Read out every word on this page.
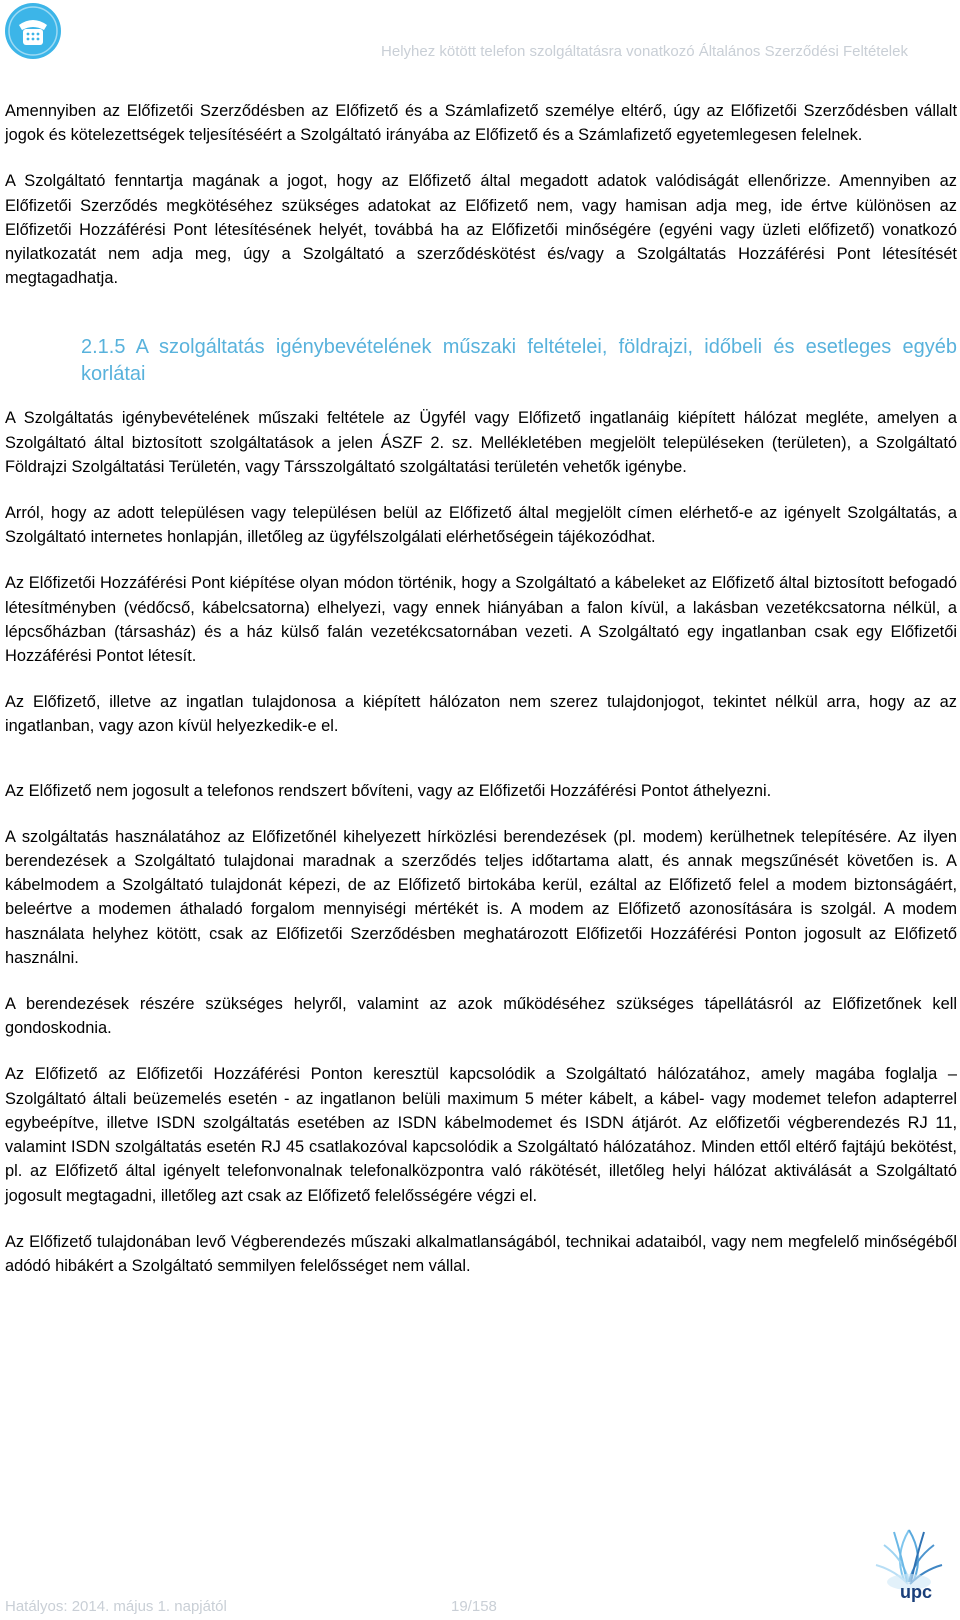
Helyhez kötött telefon szolgáltatásra vonatkozó Általános Szerződési Feltételek

Amennyiben az Előfizetői Szerződésben az Előfizető és a Számlafizető személye eltérő, úgy az Előfizetői Szerződésben vállalt jogok és kötelezettségek teljesítéséért a Szolgáltató irányába az Előfizető és a Számlafizető egyetemlegesen felelnek.

A Szolgáltató fenntartja magának a jogot, hogy az Előfizető által megadott adatok valódiságát ellenőrizze. Amennyiben az Előfizetői Szerződés megkötéséhez szükséges adatokat az Előfizető nem, vagy hamisan adja meg, ide értve különösen az Előfizetői Hozzáférési Pont létesítésének helyét, továbbá ha az Előfizetői minőségére (egyéni vagy üzleti előfizető) vonatkozó nyilatkozatát nem adja meg, úgy a Szolgáltató a szerződéskötést és/vagy a Szolgáltatás Hozzáférési Pont létesítését megtagadhatja.

2.1.5 A szolgáltatás igénybevételének műszaki feltételei, földrajzi, időbeli és esetleges egyéb korlátai

A Szolgáltatás igénybevételének műszaki feltétele az Ügyfél vagy Előfizető ingatlanáig kiépített hálózat megléte, amelyen a Szolgáltató által biztosított szolgáltatások a jelen ÁSZF 2. sz. Mellékletében megjelölt településeken (területen), a Szolgáltató Földrajzi Szolgáltatási Területén, vagy Társszolgáltató szolgáltatási területén vehetők igénybe.

Arról, hogy az adott településen vagy településen belül az Előfizető által megjelölt címen elérhető-e az igényelt Szolgáltatás, a Szolgáltató internetes honlapján, illetőleg az ügyfélszolgálati elérhetőségein tájékozódhat.

Az Előfizetői Hozzáférési Pont kiépítése olyan módon történik, hogy a Szolgáltató a kábeleket az Előfizető által biztosított befogadó létesítményben (védőcső, kábelcsatorna) elhelyezi, vagy ennek hiányában a falon kívül, a lakásban vezetékcsatorna nélkül, a lépcsőházban (társasház) és a ház külső falán vezetékcsatornában vezeti. A Szolgáltató egy ingatlanban csak egy Előfizetői Hozzáférési Pontot létesít.

Az Előfizető, illetve az ingatlan tulajdonosa a kiépített hálózaton nem szerez tulajdonjogot, tekintet nélkül arra, hogy az az ingatlanban, vagy azon kívül helyezkedik-e el.

Az Előfizető nem jogosult a telefonos rendszert bővíteni, vagy az Előfizetői Hozzáférési Pontot áthelyezni.

A szolgáltatás használatához az Előfizetőnél kihelyezett hírközlési berendezések (pl. modem) kerülhetnek telepítésére. Az ilyen berendezések a Szolgáltató tulajdonai maradnak a szerződés teljes időtartama alatt, és annak megszűnését követően is. A kábelmodem a Szolgáltató tulajdonát képezi, de az Előfizető birtokába kerül, ezáltal az Előfizető felel a modem biztonságáért, beleértve a modemen áthaladó forgalom mennyiségi mértékét is. A modem az Előfizető azonosítására is szolgál. A modem használata helyhez kötött, csak az Előfizetői Szerződésben meghatározott Előfizetői Hozzáférési Ponton jogosult az Előfizető használni.

A berendezések részére szükséges helyről, valamint az azok működéséhez szükséges tápellátásról az Előfizetőnek kell gondoskodnia.

Az Előfizető az Előfizetői Hozzáférési Ponton keresztül kapcsolódik a Szolgáltató hálózatához, amely magába foglalja – Szolgáltató általi beüzemelés esetén - az ingatlanon belüli maximum 5 méter kábelt, a kábel- vagy modemet telefon adapterrel egybeépítve, illetve ISDN szolgáltatás esetében az ISDN kábelmodemet és ISDN átjárót. Az előfizetői végberendezés RJ 11, valamint ISDN szolgáltatás esetén RJ 45 csatlakozóval kapcsolódik a Szolgáltató hálózatához. Minden ettől eltérő fajtájú bekötést, pl. az Előfizető által igényelt telefonvonalnak telefonalközpontra való rákötését, illetőleg helyi hálózat aktiválását a Szolgáltató jogosult megtagadni, illetőleg azt csak az Előfizető felelősségére végzi el.

Az Előfizető tulajdonában levő Végberendezés műszaki alkalmatlanságából, technikai adataiból, vagy nem megfelelő minőségéből adódó hibákért a Szolgáltató semmilyen felelősséget nem vállal.

upc
Hatályos: 2014. május 1. napjától	19/158
